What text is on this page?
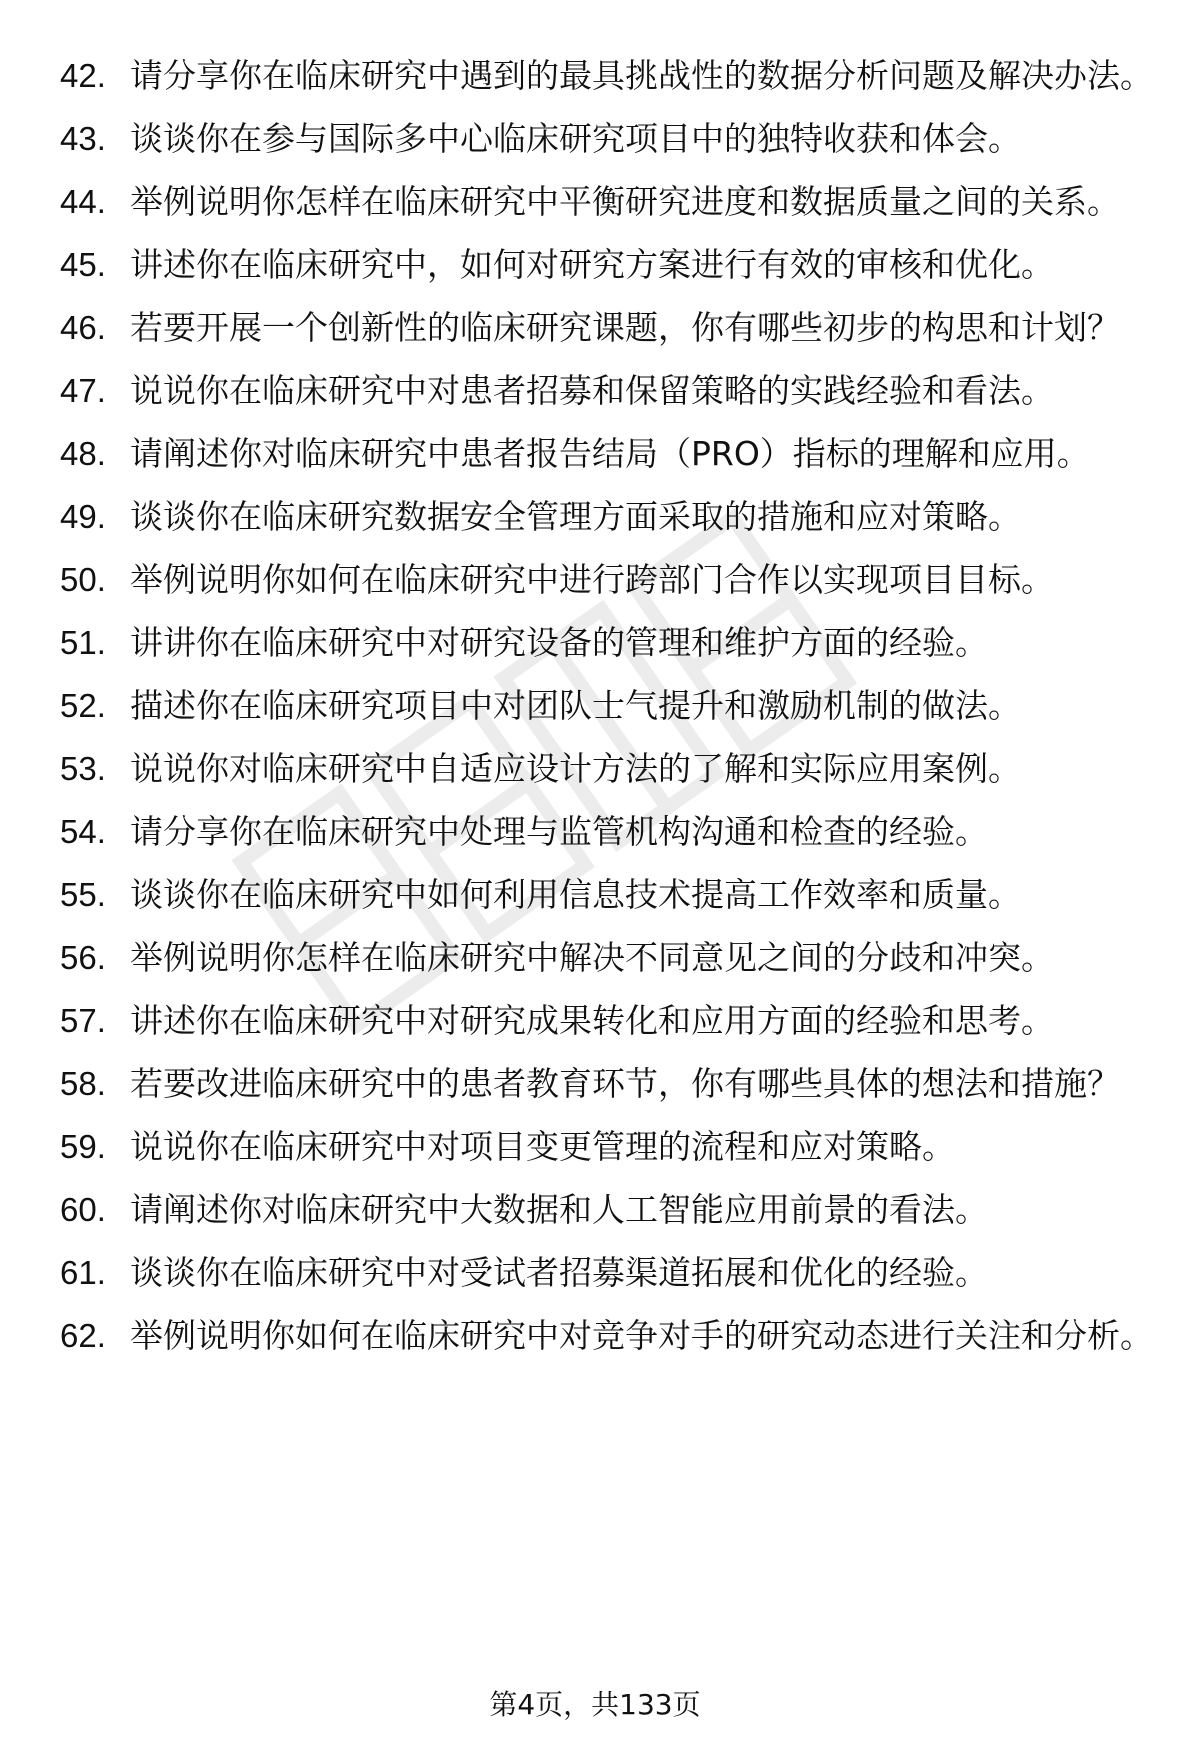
42. 请分享你在临床研究中遇到的最具挑战性的数据分析问题及解决办法。
43. 谈谈你在参与国际多中心临床研究项目中的独特收获和体会。
44. 举例说明你怎样在临床研究中平衡研究进度和数据质量之间的关系。
45. 讲述你在临床研究中，如何对研究方案进行有效的审核和优化。
46. 若要开展一个创新性的临床研究课题，你有哪些初步的构思和计划？
47. 说说你在临床研究中对患者招募和保留策略的实践经验和看法。
48. 请阐述你对临床研究中患者报告结局（PRO）指标的理解和应用。
49. 谈谈你在临床研究数据安全管理方面采取的措施和应对策略。
50. 举例说明你如何在临床研究中进行跨部门合作以实现项目目标。
51. 讲讲你在临床研究中对研究设备的管理和维护方面的经验。
52. 描述你在临床研究项目中对团队士气提升和激励机制的做法。
53. 说说你对临床研究中自适应设计方法的了解和实际应用案例。
54. 请分享你在临床研究中处理与监管机构沟通和检查的经验。
55. 谈谈你在临床研究中如何利用信息技术提高工作效率和质量。
56. 举例说明你怎样在临床研究中解决不同意见之间的分歧和冲突。
57. 讲述你在临床研究中对研究成果转化和应用方面的经验和思考。
58. 若要改进临床研究中的患者教育环节，你有哪些具体的想法和措施？
59. 说说你在临床研究中对项目变更管理的流程和应对策略。
60. 请阐述你对临床研究中大数据和人工智能应用前景的看法。
61. 谈谈你在临床研究中对受试者招募渠道拓展和优化的经验。
62. 举例说明你如何在临床研究中对竞争对手的研究动态进行关注和分析。
第4页，共133页
